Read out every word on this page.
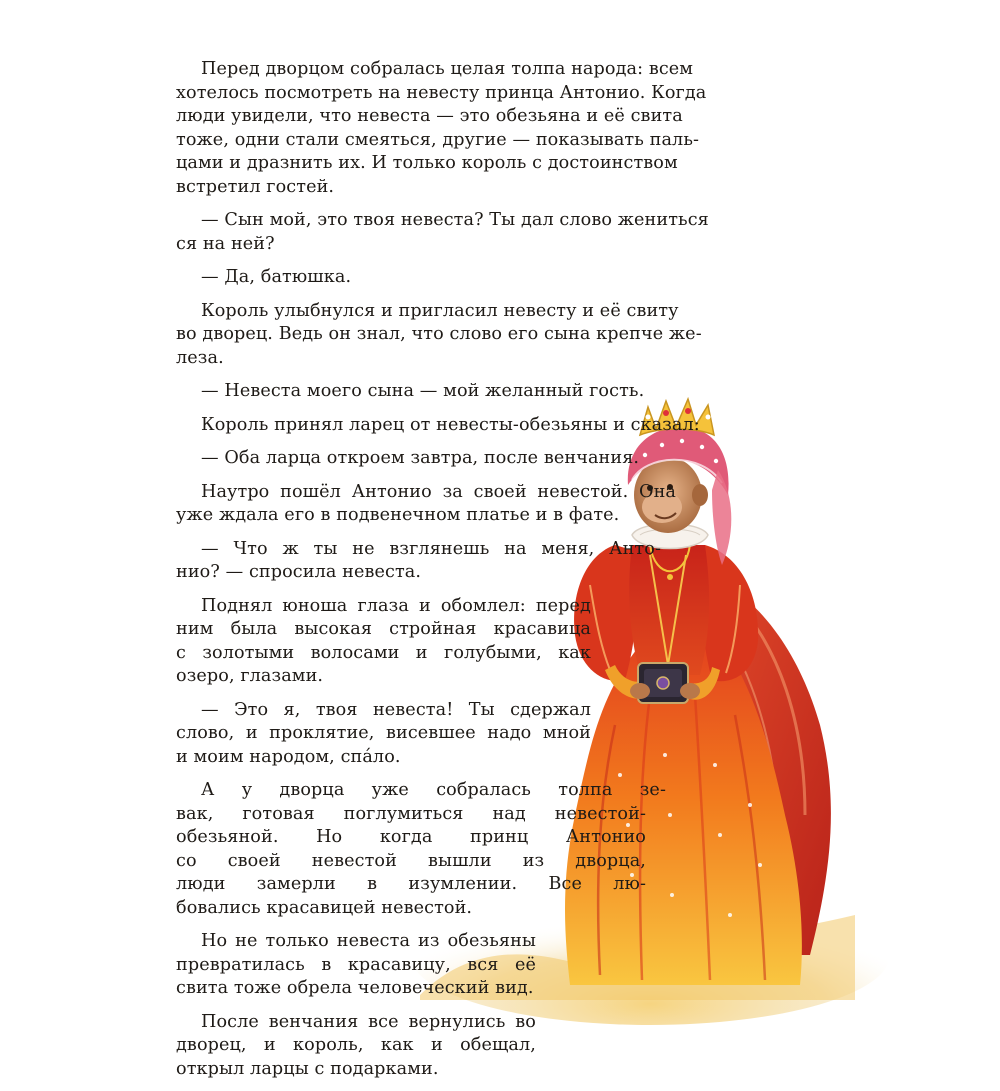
Перед дворцом собралась целая толпа народа: всем
хотелось посмотреть на невесту принца Антонио. Когда
люди увидели, что невеста — это обезьяна и её свита
тоже, одни стали смеяться, другие — показывать паль-
цами и дразнить их. И только король с достоинством
встретил гостей.
— Сын мой, это твоя невеста? Ты дал слово жениться
ся на ней?
— Да, батюшка.
Король улыбнулся и пригласил невесту и её свиту
во дворец. Ведь он знал, что слово его сына крепче же-
леза.
— Невеста моего сына — мой желанный гость.
Король принял ларец от невесты-обезьяны и сказал:
— Оба ларца откроем завтра, после венчания.
Наутро пошёл Антонио за своей невестой. Она
уже ждала его в подвенечном платье и в фате.
— Что ж ты не взглянешь на меня, Анто-
нио? — спросила невеста.
Поднял юноша глаза и обомлел: перед
ним была высокая стройная красавица
с золотыми волосами и голубыми, как
озеро, глазами.
— Это я, твоя невеста! Ты сдержал
слово, и проклятие, висевшее надо мной
и моим народом, спáло.
А у дворца уже собралась толпа зе-
вак, готовая поглумиться над невестой-
обезьяной. Но когда принц Антонио
со своей невестой вышли из дворца,
люди замерли в изумлении. Все лю-
бовались красавицей невестой.
Но не только невеста из обезьяны
превратилась в красавицу, вся её
свита тоже обрела человеческий вид.
После венчания все вернулись во
дворец, и король, как и обещал,
открыл ларцы с подарками.
